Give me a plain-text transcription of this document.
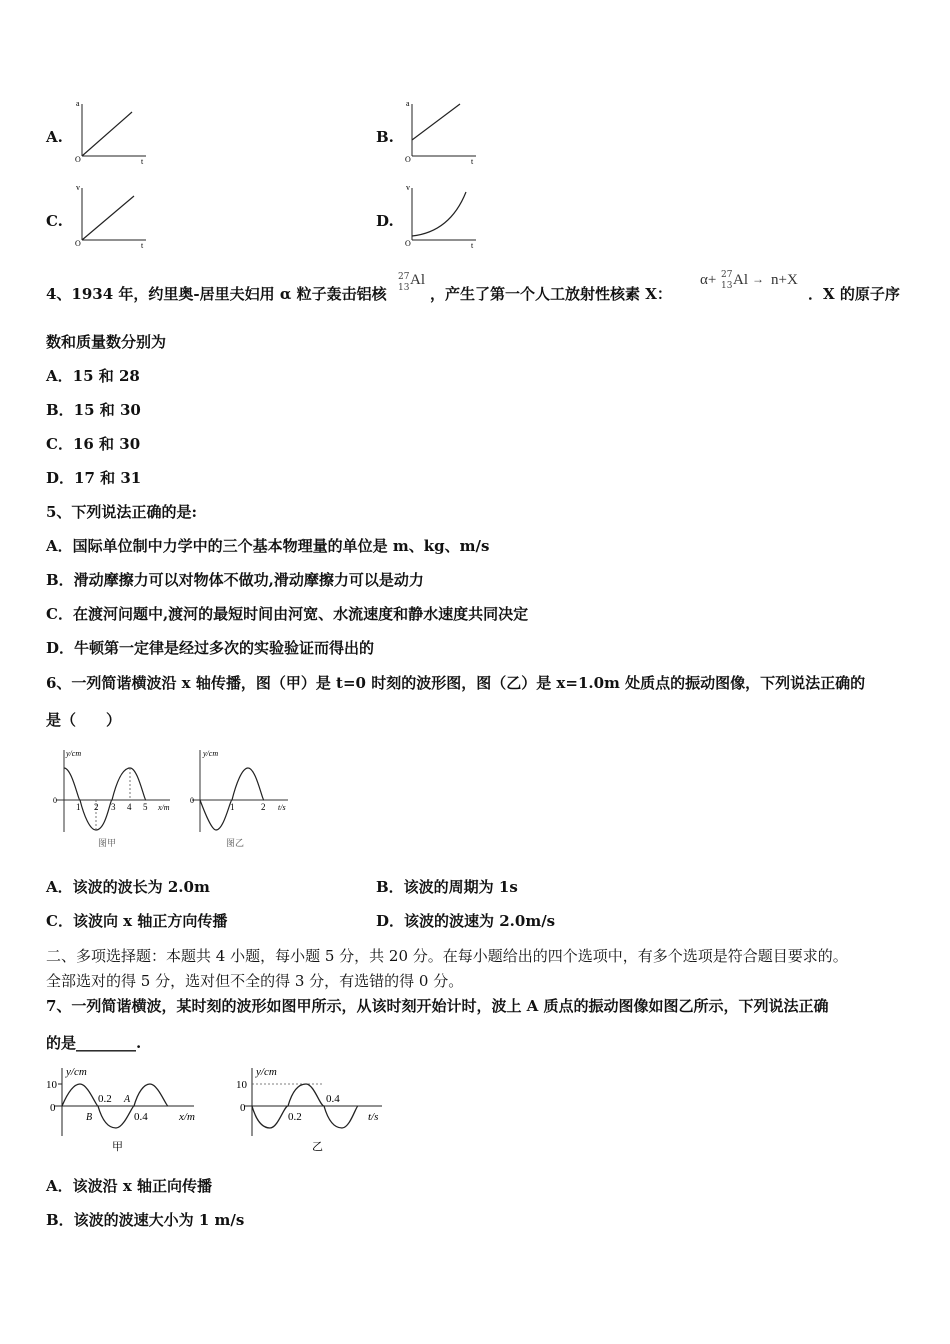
A.
a
t
O
B.
a
t
O
C.
v
t
O
D.
v
t
O
4、1934 年，约里奥-居里夫妇用 α 粒子轰击铝核
27
13 Al
，产生了第一个人工放射性核素 X：
α+ 27
13 Al → n+X
．X 的原子序
数和质量数分别为
A．15 和 28
B．15 和 30
C．16 和 30
D．17 和 31
5、下列说法正确的是:
A．国际单位制中力学中的三个基本物理量的单位是 m、kg、m/s
B．滑动摩擦力可以对物体不做功,滑动摩擦力可以是动力
C．在渡河问题中,渡河的最短时间由河宽、水流速度和静水速度共同决定
D．牛顿第一定律是经过多次的实验验证而得出的
6、一列简谐横波沿 x 轴传播，图（甲）是 t=0 时刻的波形图，图（乙）是 x=1.0m 处质点的振动图像，下列说法正确的
是（　　）
y/cm
0
1 2 3 4 5 x/m
图甲
y/cm
0
1	2 t/s
图乙
A．该波的波长为 2.0m	B．该波的周期为 1s
C．该波向 x 轴正方向传播	D．该波的波速为 2.0m/s
二、多项选择题：本题共 4 小题，每小题 5 分，共 20 分。在每小题给出的四个选项中，有多个选项是符合题目要求的。
全部选对的得 5 分，选对但不全的得 3 分，有选错的得 0 分。
7、一列简谐横波，某时刻的波形如图甲所示，从该时刻开始计时，波上 A 质点的振动图像如图乙所示，下列说法正确
的是________.
y/cm
10
0
0.2 A
B	0.4	x/m
甲
y/cm
10
0
0.2
0.4
t/s
乙
A．该波沿 x 轴正向传播
B．该波的波速大小为 1 m/s
